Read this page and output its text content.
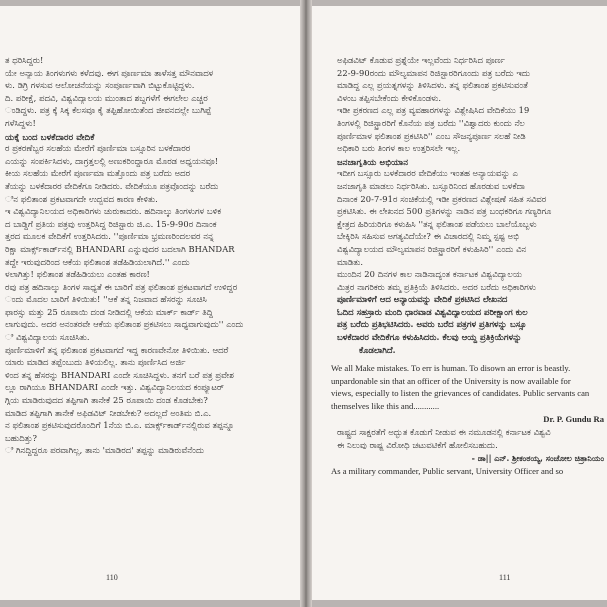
ತ ಧರಿಸಿದ್ದರು!
ಯೇ ಅನ್ಯಾಯ ತಿಂಗಳುಗಳು ಕಳೆದವು. ಈಗ ಪೂರ್ಣಮಾ ತಾಳೆಸತ್ತ ಮೌನವಾದಳ
ಳು. ಡಿಗ್ರಿ ಗಳಸುವ ಆಲೋಚನೆಯನ್ನು ಸಂಪೂರ್ಣವಾಗಿ ಬಿಟ್ಟುಕೊಟ್ಟಿದ್ದಳು.
ದಿ. ಪರೀಕ್ಷೆ, ಪದವಿ, ವಿಶ್ವವಿದ್ಯಾಲಯ ಮುಂತಾದ ಶಬ್ದಗಳೆಗೆ ಈಗಲೇಲ ಎಚ್ಚರ
ಂಡಿದ್ದಳು. ಪತ್ರ ಕ್ಕೆ ಸಿಕ್ಕ ಕೆಲಸವೂ ಕೈ ತಪ್ಪಿಹೋಯಿತೆಂದ ಜೀವನದಲ್ಲೇ ಬುಗಿಪ್ಪೆ
ಗಳೆಸಿದ್ದಳು!
ಯಕ್ಕೆ ಬಂದ ಬಳಕೆದಾರರ ವೇದಿಕೆ
ರ ಪ್ರಕರಣೆಬ್ಬರ ಸಲಹೆಯ ಮೇರೆಗೆ ಪೂರ್ಣಿಮಾ ಬಸ್ಸೂರಿನ ಬಳಕೆದಾರರ
ಎಯನ್ನು ಸಂಪರ್ಕಿಸಿದಳು, ದಾಗ್ರತ್ತಲಲ್ಲಿ ಅಣುಕರಿಂದ್ದಾರೂ ಮೊರಡ ಅಧ್ಯಯನವೂ!
ಕೀಯ ಸಲಹೆಯ ಮೇರೆಗೆ ಪೂರ್ಣಮಾ ಮತ್ತೊಂದು ಪತ್ರ ಬರೆದು ಅದರ
ತೆಯನ್ನು ಬಳಕೆದಾರರ ವೇದಿಕೆಗೂ ನೀಡಿದರು. ವೇದಿಕೆಯೂ ಪತ್ರವೊಂದನ್ನು ಬರೆದು
ಿನ ಫಲಿತಾಂಶ ಪ್ರಕಟವಾಗದೇ ಉದ್ಭವದ ಕಾರಣ ಕೇಳಿತು.
ಇ ವಿಶ್ವವಿದ್ಯಾನಿಲಯದ ಅಧಿಕಾರಿಗಳು ಚುರುಕಾದರು. ಹದಿನಾಲ್ಕು ತಿಂಗಳುಗಳ ಬಳಿಕ
ದ ಬಾಡ್ದಿಗೆ ಪ್ರತಿಯ ಪತ್ರವು ಉತ್ತರಿಸಿದ್ದ ರಿಜಿಸ್ಟ್ರಾರು ಜಿ.ಎ. 15-9-90ರ ದಿನಾಂಕ
ತ್ತರದ ಮೂಲಕ ವೇದಿಕೆಗೆ ಉತ್ತರಿಸಿದರು. ''ಪೂರ್ಣಿಮಾ ಭ್ರಮಣರಿಂದಲವರ ನನ್ನ
ರಿಕ್ಷಾ ಮಾರ್ಕ್ಸ್‌ಕಾರ್ಡ್‌ನಲ್ಲಿ BHANDARI ಎನ್ನುವುದರ ಬದಲಾಗಿ BHANDAR
ತದ್ದೇ ಇರುವುದರಿಂದ ಆಕೆಯ ಫಲಿತಾಂಶ ತಡೆಹಿಡಿಯಲಾಗಿದೆ.'' ಎಂದು
ಳಲಾಗಿತ್ತು! ಫಲಿತಾಂಶ ತಡೆಹಿಡಿಯಲು ಎಂತಹ ಕಾರಣ!
ರವು ಪತ್ರ ಹದಿನಾಲ್ಕು ತಿಂಗಳ ಸಾಧ್ಯತೆ ಈ ಬಾರಿಗೆ ಪತ್ರ ಫಲಿತಾಂಶ ಪ್ರಕಟವಾಗದೆ ಉಳಿದ್ದರ
ಂದು ಮೊದಲ ಬಾರಿಗೆ ತಿಳಿಯಿತು! ''ಆಕೆ ತನ್ನ ನಿಜವಾದ ಹೆಸರನ್ನು ಸೂಚಿಸಿ
ಫಾರಸ್ಸು ಮತ್ತು 25 ರೂಪಾಯಿ ದಂಡ ನೀಡಿದಲ್ಲಿ ಆಕೆಯ ಮಾರ್ಕ್ ಕಾರ್ಡ್ ತಿದ್ದಿ
ಲಾಗುವುದು. ಅದರ ಅನಂತರವೇ ಆಕೆಯ ಫಲಿತಾಂಶ ಪ್ರಕಟಿಸಲು ಸಾಧ್ಯವಾಗುವುದು'' ಎಂದು
ಿ ವಿಶ್ವವಿದ್ಯಾಲಯ ಸೂಚಿಸಿತು.
ಪೂರ್ಣಿಮಾಳಿಗೆ ತನ್ನ ಫಲಿತಾಂಶ ಪ್ರಕಟವಾಗದೆ ಇದ್ದ ಕಾರಣವೇನೋ ತಿಳಿಯಿತು. ಆದರೆ
ಯಾರು ಮಾಡಿದ ತಪ್ಪೆಂಬುದು ತಿಳಿಯಲಿಲ್ಲ. ತಾನು ಪೂರ್ಣಿಸಿದ ಅರ್ಜಿ
ಳಿಂದ ತನ್ನ ಹೆಸರನ್ನು BHANDARI ಎಂದೇ ಸೂಚಿಸಿದ್ದಳು. ತನಗೆ ಬರೆ ಪತ್ರ ಪ್ರವೇಶ
ಲ್ಲೂ ರಾಗಿಯೂ BHANDARI ಎಂದೇ ಇತ್ತು. ವಿಶ್ವವಿದ್ಯಾನಿಲಯದ ಕಂಪ್ಯೂಟರ್
ಗ್ಗಿಯ ಮಾಡಿರುವುದದ ತಪ್ಪಿಗಾಗಿ ತಾನೇಕೆ 25 ರೂಪಾಯಿ ದಂಡ ಕೊಡಬೇಕು?
ಮಾಡಿದ ತಪ್ಪಿಗಾಗಿ ತಾನೇಕೆ ಅಫಿಡವಿಟ್ ನೀಡಬೇಕು? ಅದಲ್ಲದೆ ಅಂತಿಮ ಬಿ.ಎ.
ನ ಫಲಿತಾಂಶ ಪ್ರಕಟಿಸುವುದರೊಂದಿಗೆ 1ನೆಯ ಬಿ.ಎ. ಮಾರ್ಕ್ಸ್‌ಕಾರ್ಡ್‌ನಲ್ಲಿರುವ ತಪ್ಪನ್ನೂ
ಬಹುದಿತ್ತು?
ಿ ಗಿನದ್ದಿದ್ದರೂ ಪರವಾಗಿಲ್ಲ, ತಾನು 'ಮಾಡಿರದ' ತಪ್ಪನ್ನು ಮಾಡಿರುವೆನೆಂದು
110
ಅಫಿಡವಿಟ್ ಕೊಡುವ ಪ್ರಶ್ನೆಯೇ ಇಲ್ಲವೆಂದು ನಿರ್ಧರಿಸಿದ ಪೂರ್ಣ
22-9-90ರಂದು ಮೌಲ್ಯಮಾಪನ ರಿಜಿಸ್ಟ್ರಾರರಿಗೂಂದು ಪತ್ರ ಬರೆದು ಇದು
ಮಾಡಿದ್ದ ಎಲ್ಲ ಪ್ರಯತ್ನಗಳನ್ನು ತಿಳಿಸಿದಳು. ತನ್ನ ಫಲಿತಾಂಶ ಪ್ರಕಟಿಸುವಂತೆ
ವಿಳಂಬ ತಪ್ಪಿಸಬೇಕೆಂದು ಕೇಳಿಕೊಂಡಳು.
ಇಡೀ ಪ್ರಕರಣದ ಎಲ್ಲ ಪತ್ರ ವ್ಯವಹಾರಗಳನ್ನು ವಿಶ್ಲೇಷಿಸಿದ ವೇದಿಕೆಯು 19
ತಿಂಗಳಲ್ಲಿ ರಿಜಿಸ್ಟ್ರಾರರಿಗೆ ಕೊನೆಯ ಪತ್ರ ಬರೆದು ''ವಿಶ್ವಾದರು ಕುಂದು ನೆಲ
ಪೂರ್ಣಿಮಾಳ ಫಲಿತಾಂಶ ಪ್ರಕಟಿಸಿರಿ'' ಎಂಬ ಸೌಜನ್ಯಪೂರ್ಣ ಸಲಹೆ ನೀಡಿ
ಅಧಿಕಾರಿ ಬರು ತಿಂಗಳ ಕಾಲ ಉತ್ತರಿಸಲೇ ಇಲ್ಲ.
ಜನಜಾಗೃತಿಯ ಅಭಿಯಾನ
ಇದೀಗ ಬಸ್ಸೂರು ಬಳಕೆದಾರರ ವೇದಿಕೆಯು ಇಂತಹ ಅನ್ಯಾಯವನ್ನು ಎ
ಜನಜಾಗೃತಿ ಮಾಡಲು ನಿರ್ಧರಿಸಿತು. ಬಸ್ಸೂರಿನಿಂದ ಹೊರಡುವ ಬಳಕೆದಾ
ದಿನಾಂಕ 20-7-91ರ ಸಂಚಿಕೆಯಲ್ಲಿ ಇಡೀ ಪ್ರಕರಣದ ವಿಶ್ಲೇಷಣೆ ಸಹಿತ ಸವಿವರ
ಪ್ರಕಟಿಸಿತು. ಈ ಲೇಖನದ 500 ಪ್ರತಿಗಳನ್ನು ನಾಡಿನ ಪತ್ರ ಬಂಧಕರಿಗೂ ಗಣ್ಯರಿಗೂ
ಕ್ಷೇತ್ರದ ಹಿರಿಯರಿಗೂ ಕಳುಹಿಸಿ ''ತನ್ನ ಫಲಿತಾಂಶ ಪಡೆಯಲು ಬಾಲೆಯೊಬ್ಬಳು
ಬೇಕ್ಕಿರಿಸಿ ಸಹಿಸುವ ಅಗತ್ಯವಿದೆಯೇ? ಈ ವಿಚಾರದಲ್ಲಿ ನಿಮ್ಮ ಸ್ಪಷ್ಟ ಅಭಿ
ವಿಶ್ವವಿದ್ಯಾಲಯದ ಮೌಲ್ಯಮಾಪನ ರಿಜಿಸ್ಟ್ರಾರರಿಗೆ ಕಳುಹಿಸಿರಿ'' ಎಂದು ವಿನ
ಮಾಡಿತು.
ಮುಂದಿನ 20 ದಿನಗಳ ಕಾಲ ನಾಡಿನಾದ್ಯಂತ ಕರ್ನಾಟಕ ವಿಶ್ವವಿದ್ಯಾಲಯ
ಮಿತ್ರರ ನಾಗರಿಕರು ತಮ್ಮ ಪ್ರತಿಕ್ರಿಯೆ ತಿಳಿಸಿದರು. ಅದರ ಬರೆದು ಅಧಿಕಾರಿಗಳು
ಪೂರ್ಣಿಮಾಳಿಗೆ ಆದ ಅನ್ಯಾಯವನ್ನು ವೇದಿಕೆ ಪ್ರಕಟಿಸಿದ ಲೇಖನದ
ಓದಿದ ಸಹಸ್ರಾರು ಮಂದಿ ಧಾರವಾಡ ವಿಶ್ವವಿದ್ಯಾಲಯದ ಪರೀಕ್ಷಾಂಗ ಕುಲ
ಪತ್ರ ಬರೆದು ಪ್ರತಿಭಟಿಸಿದರು. ಅವರು ಬರೆದ ಪತ್ರಗಳ ಪ್ರತಿಗಳನ್ನು ಬಸ್ಸೂ
ಬಳಕೆದಾರರ ವೇದಿಕೆಗೂ ಕಳುಹಿಸಿದರು. ಕೆಲವು ಆಯ್ದ ಪ್ರತಿಕ್ರಿಯೆಗಳನ್ನು
ಕೊಡಲಾಗಿದೆ.
We all Make mistakes. To err is human. To disown an error is beastly.
unpardonable sin that an officer of the University is now available for
views, especially to listen the grievances of candidates. Public servants can
themselves like this and............
Dr. P. Gundu Ra
ರಾಷ್ಟ್ರದ ಸಾಕ್ಷರತೆಗೆ ಅದ್ಭುತ ಕೊಡುಗೆ ನೀಡುವ ಈ ನಮೂಡನಲ್ಲಿ ಕರ್ನಾಟಕ ವಿಶ್ವವಿ
ಈ ನಿಲುವು ರಾಷ್ಟ್ರ ವಿರೋಧಿ ಚಟುವಟಿಕೆಗೆ ಹೋಲಿಸಬಹುದು.
- ಡಾ|| ಎನ್. ಶ್ರೀಕಂಠಯ್ಯ, ಸಂಚೋಲ ಚಿತ್ರಾನಿಯಂ
As a military commander, Public servant, University Officer and so
111
